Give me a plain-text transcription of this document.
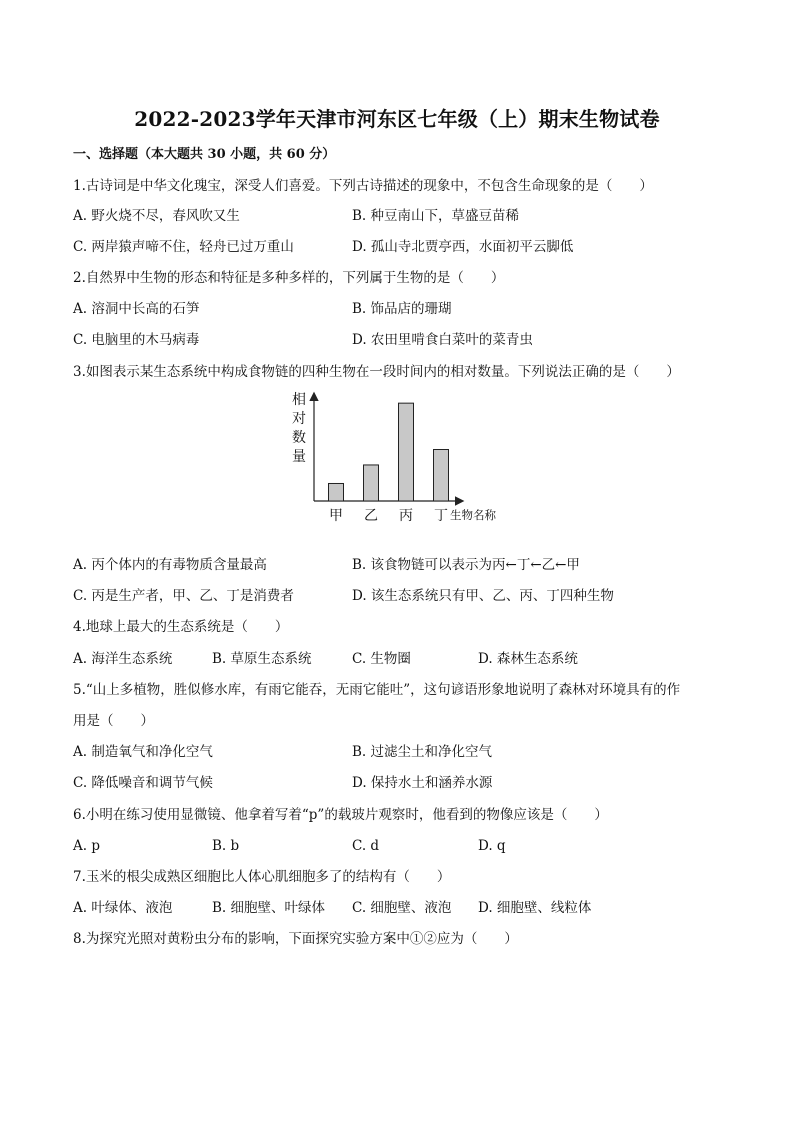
2022-2023学年天津市河东区七年级（上）期末生物试卷
一、选择题（本大题共 30 小题，共 60 分）
1.古诗词是中华文化瑰宝，深受人们喜爱。下列古诗描述的现象中，不包含生命现象的是（　　）
A. 野火烧不尽，春风吹又生	B. 种豆南山下，草盛豆苗稀
C. 两岸猿声啼不住，轻舟已过万重山	D. 孤山寺北贾亭西，水面初平云脚低
2.自然界中生物的形态和特征是多种多样的，下列属于生物的是（　　）
A. 溶洞中长高的石笋	B. 饰品店的珊瑚
C. 电脑里的木马病毒	D. 农田里啃食白菜叶的菜青虫
3.如图表示某生态系统中构成食物链的四种生物在一段时间内的相对数量。下列说法正确的是（　　）
相
对
数
量
甲 乙 丙 丁 生物名称
A. 丙个体内的有毒物质含量最高	B. 该食物链可以表示为丙←丁←乙←甲
C. 丙是生产者，甲、乙、丁是消费者	D. 该生态系统只有甲、乙、丙、丁四种生物
4.地球上最大的生态系统是（　　）
A. 海洋生态系统	B. 草原生态系统	C. 生物圈	D. 森林生态系统
5.“山上多植物，胜似修水库，有雨它能吞，无雨它能吐”，这句谚语形象地说明了森林对环境具有的作
用是（　　）
A. 制造氧气和净化空气	B. 过滤尘土和净化空气
C. 降低噪音和调节气候	D. 保持水土和涵养水源
6.小明在练习使用显微镜、他拿着写着“p”的载玻片观察时，他看到的物像应该是（　　）
A. p	B. b	C. d	D. q
7.玉米的根尖成熟区细胞比人体心肌细胞多了的结构有（　　）
A. 叶绿体、液泡	B. 细胞壁、叶绿体 C. 细胞壁、液泡 D. 细胞壁、线粒体
8.为探究光照对黄粉虫分布的影响，下面探究实验方案中①②应为（　　）
